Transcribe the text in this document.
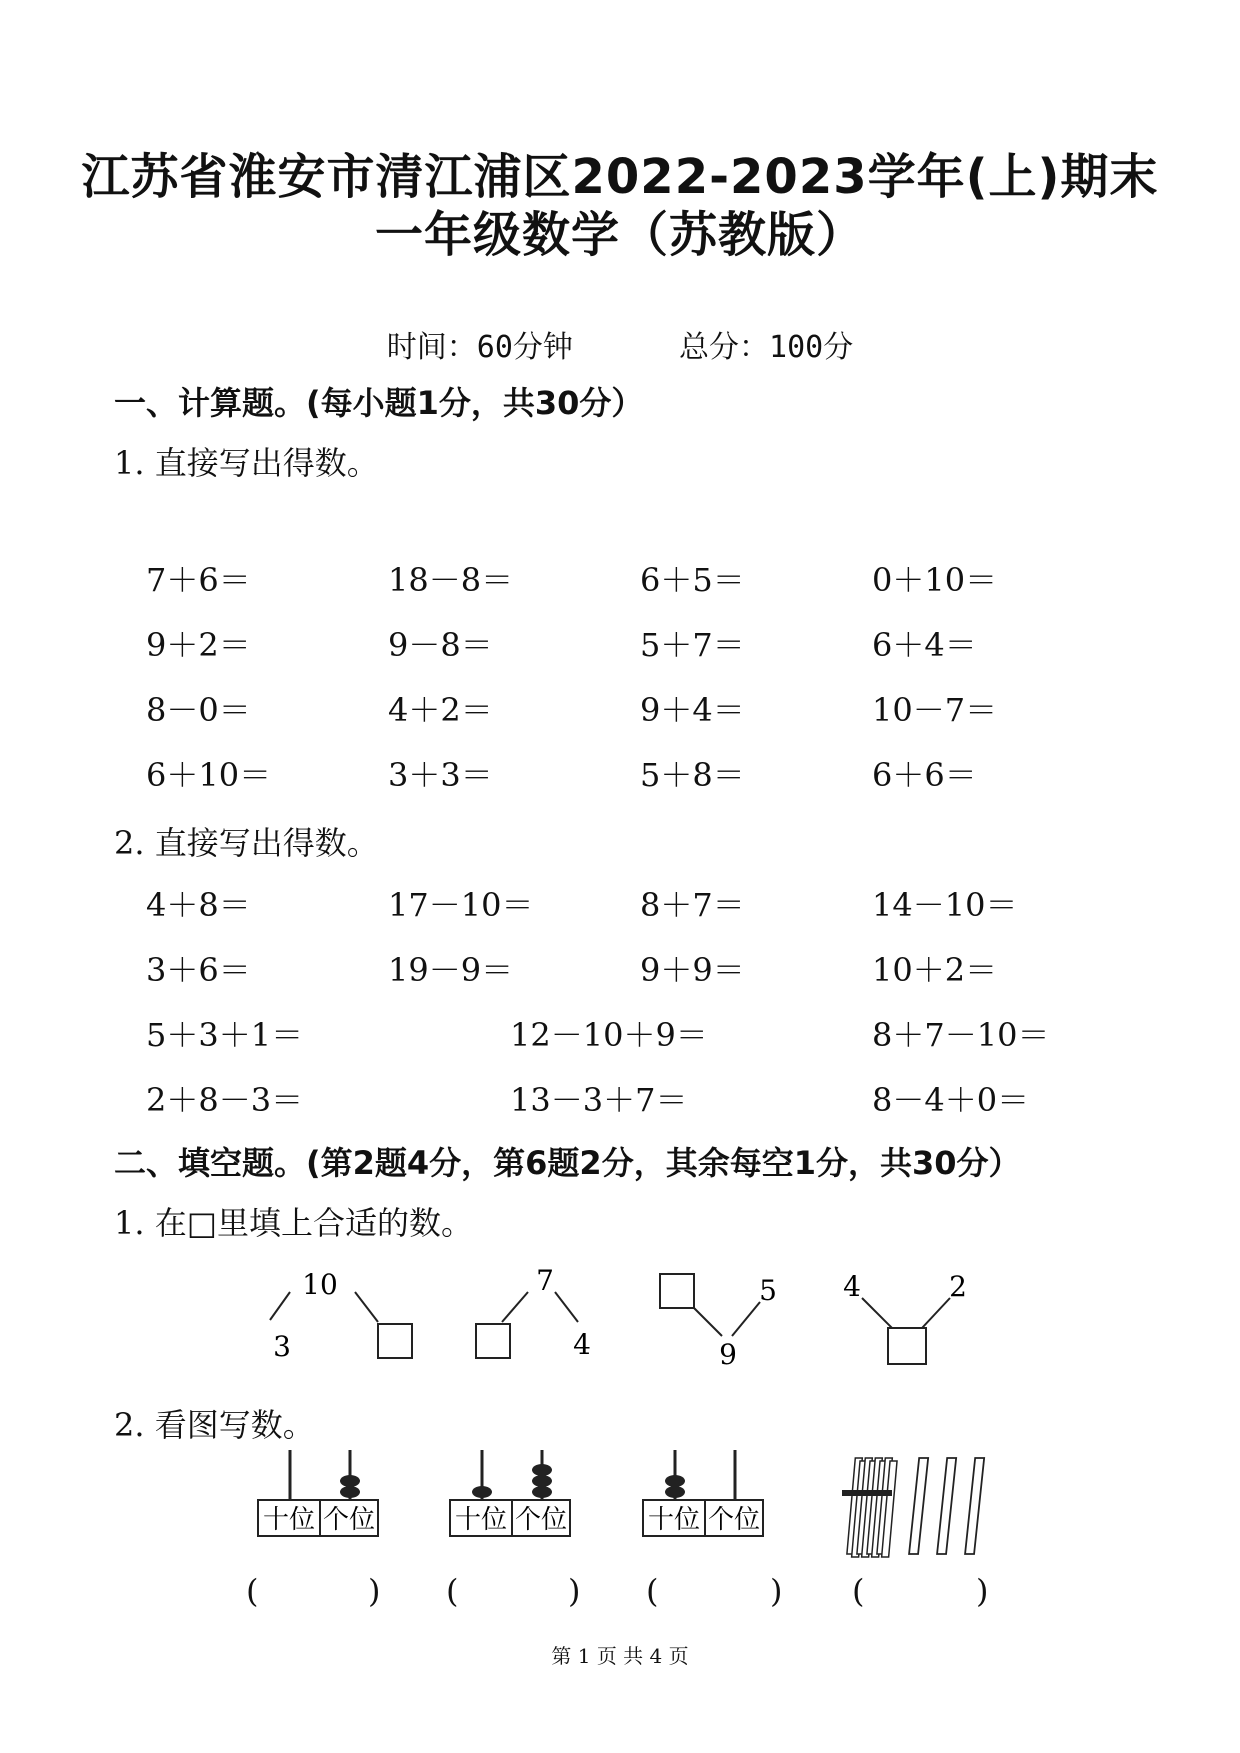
江苏省淮安市清江浦区2022-2023学年(上)期末
一年级数学（苏教版）
时间：60分钟	总分：100分
一、计算题。(每小题1分，共30分）
1. 直接写出得数。
7＋6＝	18－8＝	6＋5＝	0＋10＝
9＋2＝	9－8＝	5＋7＝	6＋4＝
8－0＝	4＋2＝	9＋4＝	10－7＝
6＋10＝	3＋3＝	5＋8＝	6＋6＝
2. 直接写出得数。
4＋8＝	17－10＝	8＋7＝	14－10＝
3＋6＝	19－9＝	9＋9＝	10＋2＝
5＋3＋1＝	12－10＋9＝	8＋7－10＝
2＋8－3＝	13－3＋7＝	8－4＋0＝
二、填空题。(第2题4分，第6题2分，其余每空1分，共30分）
1. 在□里填上合适的数。
10
3
7
4
5
9
4	2
2. 看图写数。
十位 个位	十位 个位	十位 个位
(	) (	) (	) (	)
第 1 页 共 4 页
